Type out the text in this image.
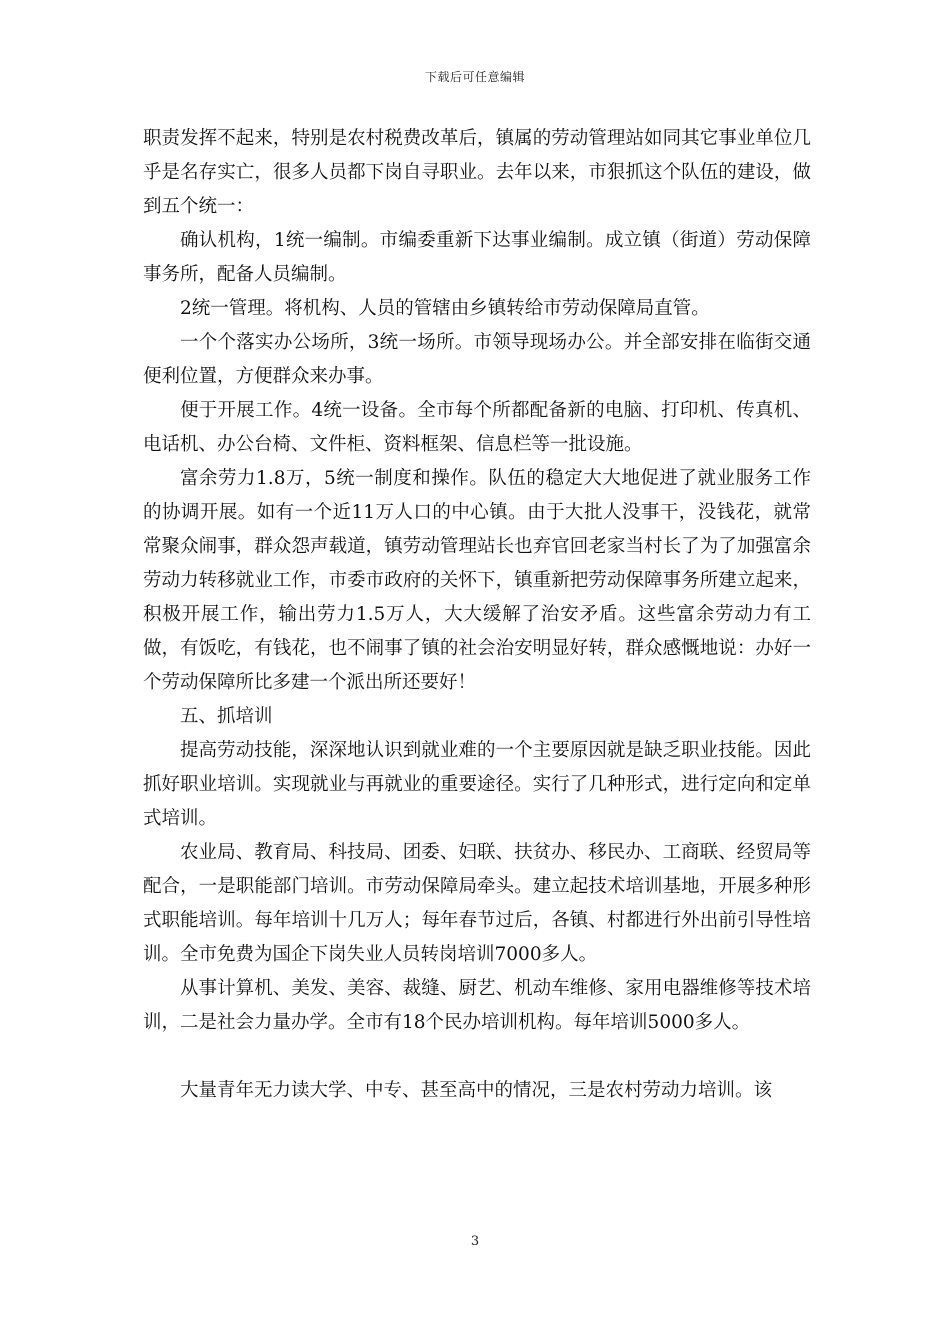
下载后可任意编辑

职责发挥不起来，特别是农村税费改革后，镇属的劳动管理站如同其它事业单位几乎是名存实亡，很多人员都下岗自寻职业。去年以来，市狠抓这个队伍的建设，做到五个统一：

确认机构，1统一编制。市编委重新下达事业编制。成立镇（街道）劳动保障事务所，配备人员编制。

2统一管理。将机构、人员的管辖由乡镇转给市劳动保障局直管。

一个个落实办公场所，3统一场所。市领导现场办公。并全部安排在临街交通便利位置，方便群众来办事。

便于开展工作。4统一设备。全市每个所都配备新的电脑、打印机、传真机、电话机、办公台椅、文件柜、资料框架、信息栏等一批设施。

富余劳力1.8万，5统一制度和操作。队伍的稳定大大地促进了就业服务工作的协调开展。如有一个近11万人口的中心镇。由于大批人没事干，没钱花，就常常聚众闹事，群众怨声载道，镇劳动管理站长也弃官回老家当村长了为了加强富余劳动力转移就业工作，市委市政府的关怀下，镇重新把劳动保障事务所建立起来，积极开展工作，输出劳力1.5万人，大大缓解了治安矛盾。这些富余劳动力有工做，有饭吃，有钱花，也不闹事了镇的社会治安明显好转，群众感慨地说：办好一个劳动保障所比多建一个派出所还要好！

五、抓培训

提高劳动技能，深深地认识到就业难的一个主要原因就是缺乏职业技能。因此抓好职业培训。实现就业与再就业的重要途径。实行了几种形式，进行定向和定单式培训。

农业局、教育局、科技局、团委、妇联、扶贫办、移民办、工商联、经贸局等配合，一是职能部门培训。市劳动保障局牵头。建立起技术培训基地，开展多种形式职能培训。每年培训十几万人；每年春节过后，各镇、村都进行外出前引导性培训。全市免费为国企下岗失业人员转岗培训7000多人。

从事计算机、美发、美容、裁缝、厨艺、机动车维修、家用电器维修等技术培训，二是社会力量办学。全市有18个民办培训机构。每年培训5000多人。

大量青年无力读大学、中专、甚至高中的情况，三是农村劳动力培训。该

3
